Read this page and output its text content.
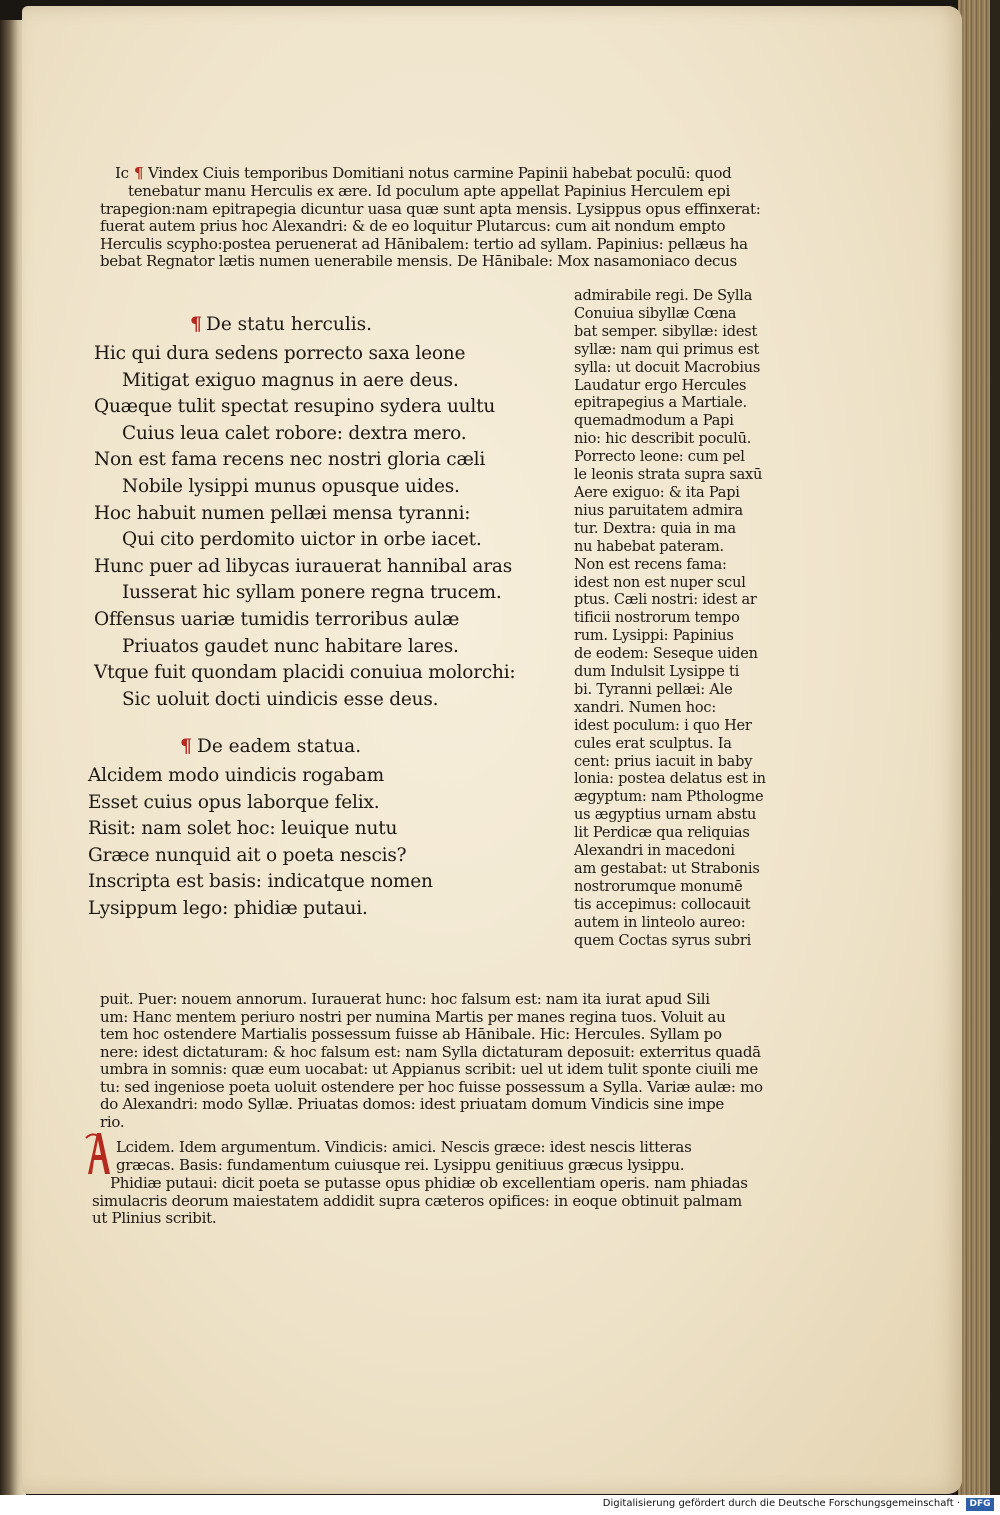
Ic ¶ Vindex Ciuis temporibus Domitiani notus carmine Papinii habebat poculū: quod
tenebatur manu Herculis ex ære. Id poculum apte appellat Papinius Herculem epi
trapegion:nam epitrapegia dicuntur uasa quæ sunt apta mensis. Lysippus opus effinxerat:
fuerat autem prius hoc Alexandri: & de eo loquitur Plutarcus: cum ait nondum empto
Herculis scypho:postea peruenerat ad Hānibalem: tertio ad syllam. Papinius: pellæus ha
bebat Regnator lætis numen uenerabile mensis. De Hānibale: Mox nasamoniaco decus
¶ De statu herculis.
Hic qui dura sedens porrecto saxa leone
Mitigat exiguo magnus in aere deus.
Quæque tulit spectat resupino sydera uultu
Cuius leua calet robore: dextra mero.
Non est fama recens nec nostri gloria cæli
Nobile lysippi munus opusque uides.
Hoc habuit numen pellæi mensa tyranni:
Qui cito perdomito uictor in orbe iacet.
Hunc puer ad libycas iurauerat hannibal aras
Iusserat hic syllam ponere regna trucem.
Offensus uariæ tumidis terroribus aulæ
Priuatos gaudet nunc habitare lares.
Vtque fuit quondam placidi conuiua molorchi:
Sic uoluit docti uindicis esse deus.
¶ De eadem statua.
Alcidem modo uindicis rogabam
Esset cuius opus laborque felix.
Risit: nam solet hoc: leuique nutu
Græce nunquid ait o poeta nescis?
Inscripta est basis: indicatque nomen
Lysippum lego: phidiæ putaui.
admirabile regi. De Sylla
Conuiua sibyllæ Cœna
bat semper. sibyllæ: idest
syllæ: nam qui primus est
sylla: ut docuit Macrobius
Laudatur ergo Hercules
epitrapegius a Martiale.
quemadmodum a Papi
nio: hic describit poculū.
Porrecto leone: cum pel
le leonis strata supra saxū
Aere exiguo: & ita Papi
nius paruitatem admira
tur. Dextra: quia in ma
nu habebat pateram.
Non est recens fama:
idest non est nuper scul
ptus. Cæli nostri: idest ar
tificii nostrorum tempo
rum. Lysippi: Papinius
de eodem: Seseque uiden
dum Indulsit Lysippe ti
bi. Tyranni pellæi: Ale
xandri. Numen hoc:
idest poculum: i quo Her
cules erat sculptus. Ia
cent: prius iacuit in baby
lonia: postea delatus est in
ægyptum: nam Pthologme
us ægyptius urnam abstu
lit Perdicæ qua reliquias
Alexandri in macedoni
am gestabat: ut Strabonis
nostrorumque monumē
tis accepimus: collocauit
autem in linteolo aureo:
quem Coctas syrus subri
puit. Puer: nouem annorum. Iurauerat hunc: hoc falsum est: nam ita iurat apud Sili
um: Hanc mentem periuro nostri per numina Martis per manes regina tuos. Voluit au
tem hoc ostendere Martialis possessum fuisse ab Hānibale. Hic: Hercules. Syllam po
nere: idest dictaturam: & hoc falsum est: nam Sylla dictaturam deposuit: exterritus quadā
umbra in somnis: quæ eum uocabat: ut Appianus scribit: uel ut idem tulit sponte ciuili me
tu: sed ingeniose poeta uoluit ostendere per hoc fuisse possessum a Sylla. Variæ aulæ: mo
do Alexandri: modo Syllæ. Priuatas domos: idest priuatam domum Vindicis sine impe
rio.
Lcidem. Idem argumentum. Vindicis: amici. Nescis græce: idest nescis litteras
græcas. Basis: fundamentum cuiusque rei. Lysippu genitiuus græcus lysippu.
Phidiæ putaui: dicit poeta se putasse opus phidiæ ob excellentiam operis. nam phiadas
simulacris deorum maiestatem addidit supra cæteros opifices: in eoque obtinuit palmam
ut Plinius scribit.
Digitalisierung gefördert durch die Deutsche Forschungsgemeinschaft ·	DFG
